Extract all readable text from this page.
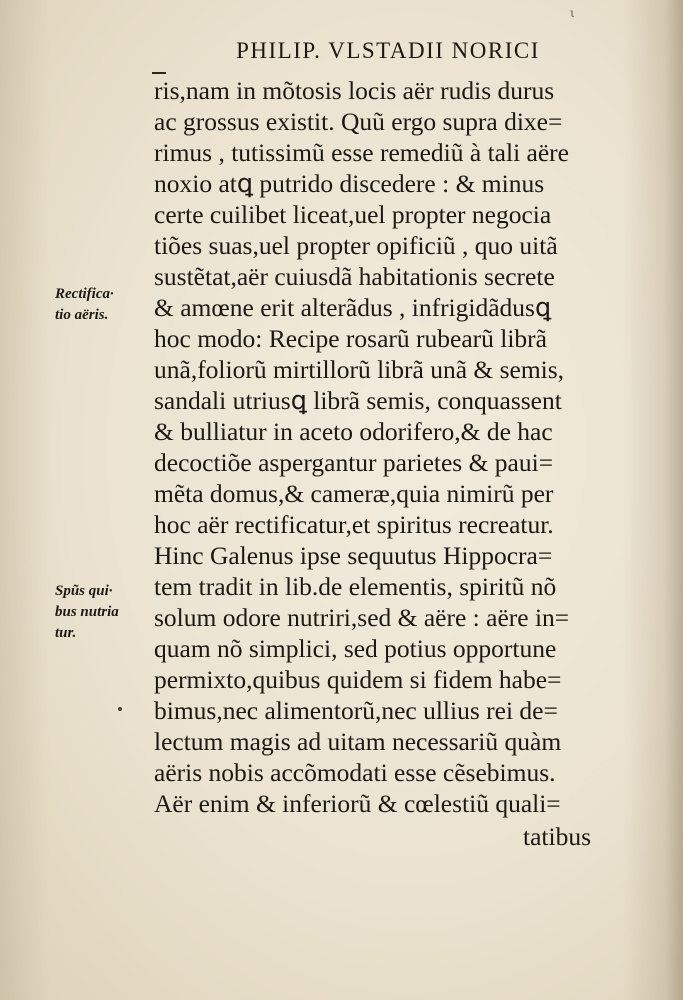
ι
PHILIP. VLSTADII NORICI
ris,nam in mõtosis locis aër rudis durus
ac grossus existit. Quũ ergo supra dixe=
rimus , tutissimũ esse remediũ à tali aëre
noxio atꝗ putrido discedere : & minus
certe cuilibet liceat,uel propter negocia
tiões suas,uel propter opificiũ , quo uitã
sustẽtat,aër cuiusdã habitationis secrete
& amœne erit alterãdus , infrigidãdusꝗ
hoc modo: Recipe rosarũ rubearũ librã
unã,foliorũ mirtillorũ librã unã & semis,
sandali utriusꝗ librã semis, conquassent
& bulliatur in aceto odorifero,& de hac
decoctiõe aspergantur parietes & paui=
mẽta domus,& cameræ,quia nimirũ per
hoc aër rectificatur,et spiritus recreatur.
Hinc Galenus ipse sequutus Hippocra=
tem tradit in lib.de elementis, spiritũ nõ
solum odore nutriri,sed & aëre : aëre in=
quam nõ simplici, sed potius opportune
permixto,quibus quidem si fidem habe=
bimus,nec alimentorũ,nec ullius rei de=
lectum magis ad uitam necessariũ quàm
aëris nobis accõmodati esse cẽsebimus.
Aër enim & inferiorũ & cœlestiũ quali=
tatibus
Rectifica·
tio aëris.
Spũs qui·
bus nutria
tur.
